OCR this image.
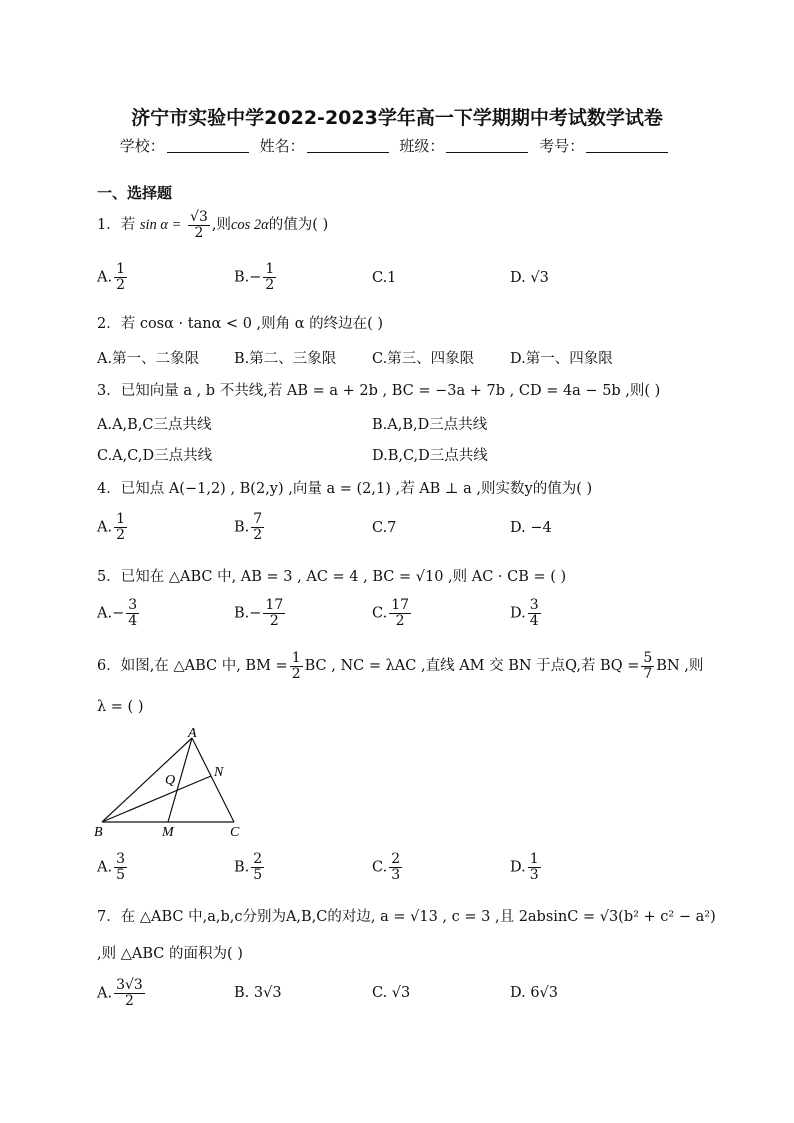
济宁市实验中学2022-2023学年高一下学期期中考试数学试卷
学校：	姓名：	班级：	考号：
一、选择题
1．若 $\sin \alpha = \frac{√3}{2}$ ,则cos 2α的值为( )
A. $\frac{1}{2}$	$B.- \frac{1}{2}$	C.1	D. √3
2．若 cosα · tanα < 0 ,则角 α 的终边在( )
A.第一、二象限 B.第二、三象限 C.第三、四象限 D.第一、四象限
3．已知向量 a , b 不共线,若 AB = a + 2b , BC = −3a + 7b , CD = 4a − 5b ,则( )
A.A,B,C三点共线	B.A,B,D三点共线
C.A,C,D三点共线	D.B,C,D三点共线
4．已知点 A(−1,2) , B(2,y) ,向量 a = (2,1) ,若 AB ⊥ a ,则实数y的值为( )
A. $\frac{1}{2}$	B. $\frac{7}{2}$	C.7	D. −4
5．已知在 △ABC 中, AB = 3 , AC = 4 , BC = √10 ,则 AC · CB = ( )
$A.- \frac{3}{4}$	$B.- \frac{17}{2}$	C. $\frac{17}{2}$	D. $\frac{3}{4}$
6．如图,在 △ABC 中, BM = $\frac{1}{2}$ BC , NC = λAC ,直线 AM 交 BN 于点Q,若 BQ = $\frac{5}{7}$ BN ,则
λ = ( )
A
B	C
M
N
Q
A. $\frac{3}{5}$	B. $\frac{2}{5}$	C. $\frac{2}{3}$	D. $\frac{1}{3}$
7．在 △ABC 中,a,b,c分别为A,B,C的对边, a = √13 , c = 3 ,且 2absinC = √3(b² + c² − a²)
,则 △ABC 的面积为( )
A. $\frac{3√3}{2}$	B. 3√3	C. √3	D. 6√3
